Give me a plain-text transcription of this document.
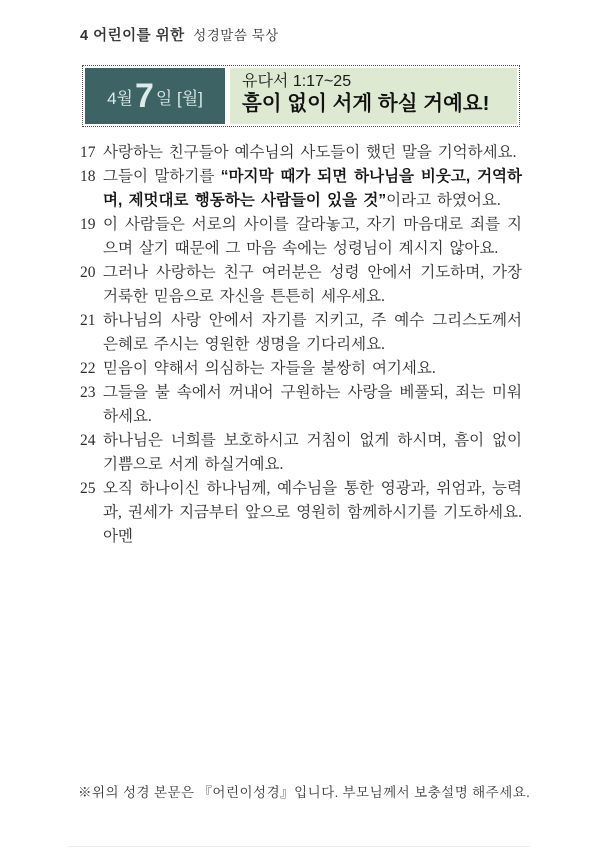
4 어린이를 위한 성경말씀 묵상
4월 7 일 [월]
유다서 1:17~25
흠이 없이 서게 하실 거예요!
17 사랑하는 친구들아 예수님의 사도들이 했던 말을 기억하세요.
18 그들이 말하기를 “마지막 때가 되면 하나님을 비웃고, 거역하며, 제멋대로 행동하는 사람들이 있을 것”이라고 하였어요.
19 이 사람들은 서로의 사이를 갈라놓고, 자기 마음대로 죄를 지으며 살기 때문에 그 마음 속에는 성령님이 계시지 않아요.
20 그러나 사랑하는 친구 여러분은 성령 안에서 기도하며, 가장 거룩한 믿음으로 자신을 튼튼히 세우세요.
21 하나님의 사랑 안에서 자기를 지키고, 주 예수 그리스도께서 은혜로 주시는 영원한 생명을 기다리세요.
22 믿음이 약해서 의심하는 자들을 불쌍히 여기세요.
23 그들을 불 속에서 꺼내어 구원하는 사랑을 베풀되, 죄는 미워하세요.
24 하나님은 너희를 보호하시고 거침이 없게 하시며, 흠이 없이 기쁨으로 서게 하실거예요.
25 오직 하나이신 하나님께, 예수님을 통한 영광과, 위엄과, 능력과, 권세가 지금부터 앞으로 영원히 함께하시기를 기도하세요. 아멘
※위의 성경 본문은 『어린이성경』입니다. 부모님께서 보충설명 해주세요.
